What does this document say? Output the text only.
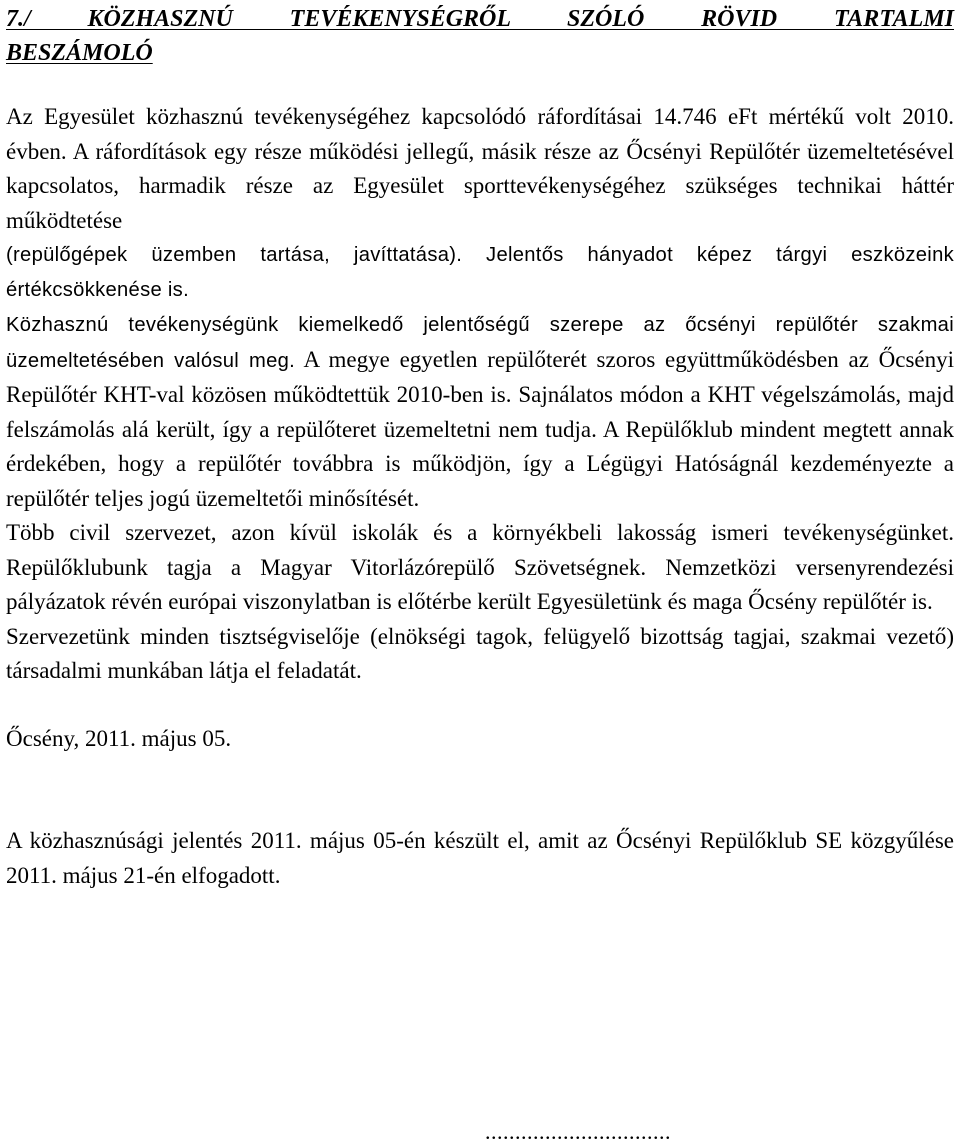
7./ KÖZHASZNÚ TEVÉKENYSÉGRŐL SZÓLÓ RÖVID TARTALMI
BESZÁMOLÓ

Az Egyesület közhasznú tevékenységéhez kapcsolódó ráfordításai 14.746 eFt mértékű volt 2010. évben. A ráfordítások egy része működési jellegű, másik része az Őcsényi Repülőtér üzemeltetésével kapcsolatos, harmadik része az Egyesület sporttevékenységéhez szükséges technikai háttér működtetése

(repülőgépek üzemben tartása, javíttatása). Jelentős hányadot képez tárgyi eszközeink értékcsökkenése is.

Közhasznú tevékenységünk kiemelkedő jelentőségű szerepe az őcsényi repülőtér szakmai üzemeltetésében valósul meg. A megye egyetlen repülőterét szoros együttműködésben az Őcsényi Repülőtér KHT-val közösen működtettük 2010-ben is. Sajnálatos módon a KHT végelszámolás, majd felszámolás alá került, így a repülőteret üzemeltetni nem tudja. A Repülőklub mindent megtett annak érdekében, hogy a repülőtér továbbra is működjön, így a Légügyi Hatóságnál kezdeményezte a repülőtér teljes jogú üzemeltetői minősítését.

Több civil szervezet, azon kívül iskolák és a környékbeli lakosság ismeri tevékenységünket. Repülőklubunk tagja a Magyar Vitorlázórepülő Szövetségnek. Nemzetközi versenyrendezési pályázatok révén európai viszonylatban is előtérbe került Egyesületünk és maga Őcsény repülőtér is.

Szervezetünk minden tisztségviselője (elnökségi tagok, felügyelő bizottság tagjai, szakmai vezető) társadalmi munkában látja el feladatát.

Őcsény, 2011. május 05.

A közhasznúsági jelentés 2011. május 05-én készült el, amit az Őcsényi Repülőklub SE közgyűlése 2011. május 21-én elfogadott.

...............................
